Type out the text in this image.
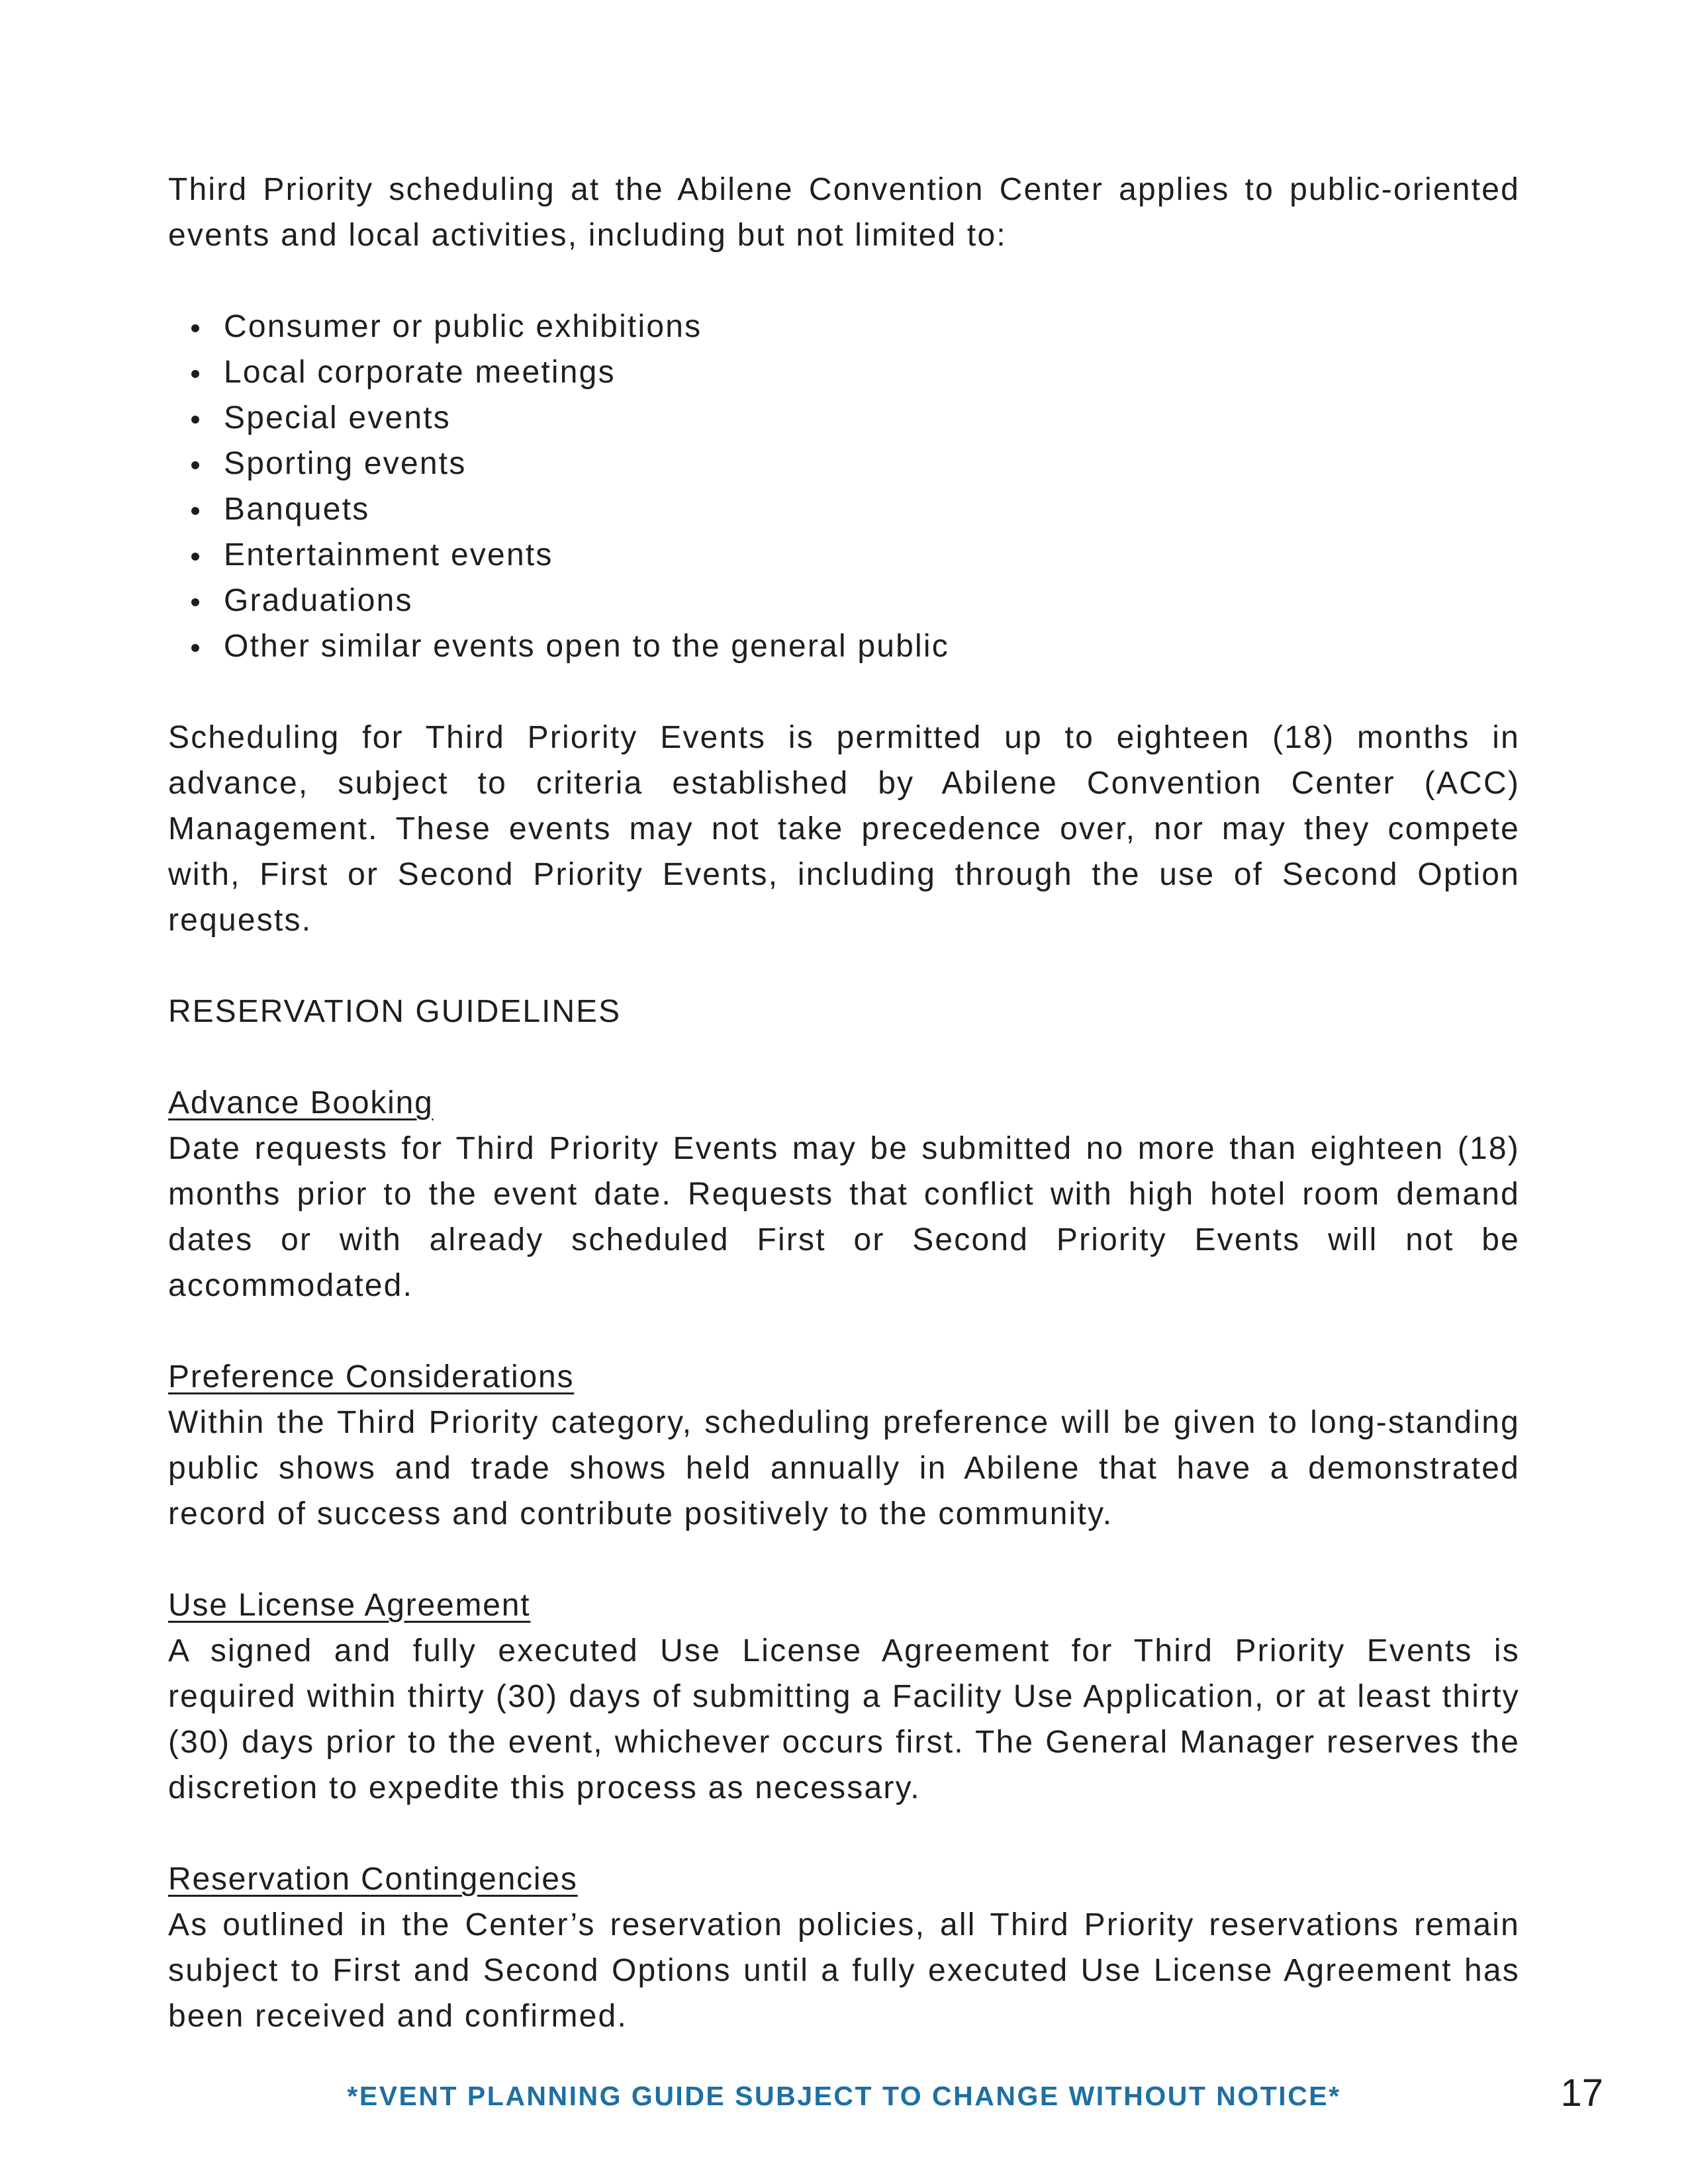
Third Priority scheduling at the Abilene Convention Center applies to public-oriented events and local activities, including but not limited to:

Consumer or public exhibitions
Local corporate meetings
Special events
Sporting events
Banquets
Entertainment events
Graduations
Other similar events open to the general public

Scheduling for Third Priority Events is permitted up to eighteen (18) months in advance, subject to criteria established by Abilene Convention Center (ACC) Management. These events may not take precedence over, nor may they compete with, First or Second Priority Events, including through the use of Second Option requests.

RESERVATION GUIDELINES

Advance Booking

Date requests for Third Priority Events may be submitted no more than eighteen (18) months prior to the event date. Requests that conflict with high hotel room demand dates or with already scheduled First or Second Priority Events will not be accommodated.

Preference Considerations

Within the Third Priority category, scheduling preference will be given to long-standing public shows and trade shows held annually in Abilene that have a demonstrated record of success and contribute positively to the community.

Use License Agreement

A signed and fully executed Use License Agreement for Third Priority Events is required within thirty (30) days of submitting a Facility Use Application, or at least thirty (30) days prior to the event, whichever occurs first. The General Manager reserves the discretion to expedite this process as necessary.

Reservation Contingencies

As outlined in the Center’s reservation policies, all Third Priority reservations remain subject to First and Second Options until a fully executed Use License Agreement has been received and confirmed.

*EVENT PLANNING GUIDE SUBJECT TO CHANGE WITHOUT NOTICE*	17
